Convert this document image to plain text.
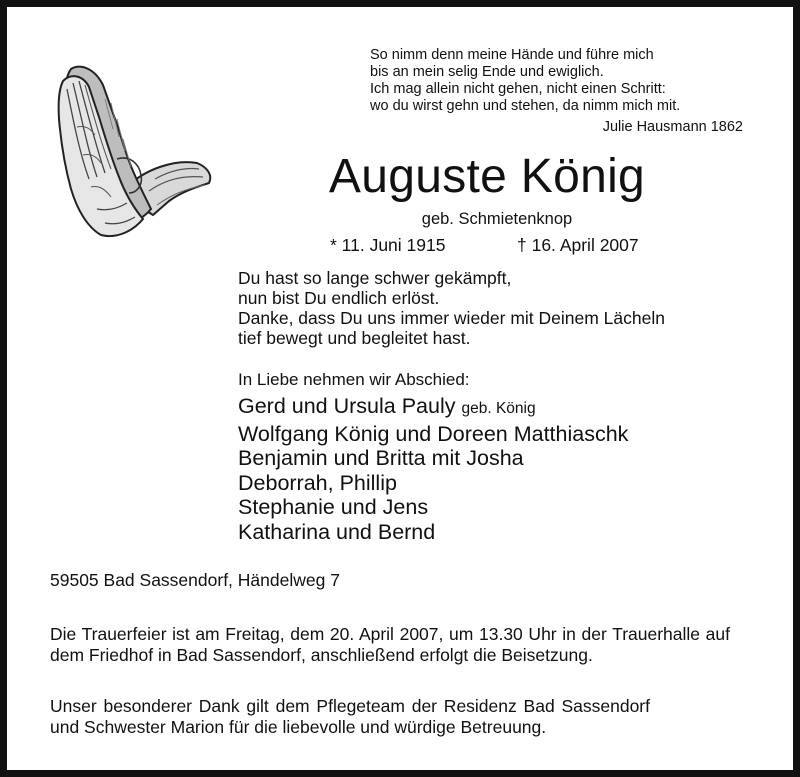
So nimm denn meine Hände und führe mich
bis an mein selig Ende und ewiglich.
Ich mag allein nicht gehen, nicht einen Schritt:
wo du wirst gehn und stehen, da nimm mich mit.
Julie Hausmann 1862
Auguste König
geb. Schmietenknop
* 11. Juni 1915	† 16. April 2007
Du hast so lange schwer gekämpft,
nun bist Du endlich erlöst.
Danke, dass Du uns immer wieder mit Deinem Lächeln
tief bewegt und begleitet hast.
In Liebe nehmen wir Abschied:
Gerd und Ursula Pauly geb. König
Wolfgang König und Doreen Matthiaschk
Benjamin und Britta mit Josha
Deborrah, Phillip
Stephanie und Jens
Katharina und Bernd
59505 Bad Sassendorf, Händelweg 7
Die Trauerfeier ist am Freitag, dem 20. April 2007, um 13.30 Uhr in der Trauerhalle auf dem Friedhof in Bad Sassendorf, anschließend erfolgt die Beisetzung.
Unser besonderer Dank gilt dem Pflegeteam der Residenz Bad Sassendorf und Schwester Marion für die liebevolle und würdige Betreuung.
